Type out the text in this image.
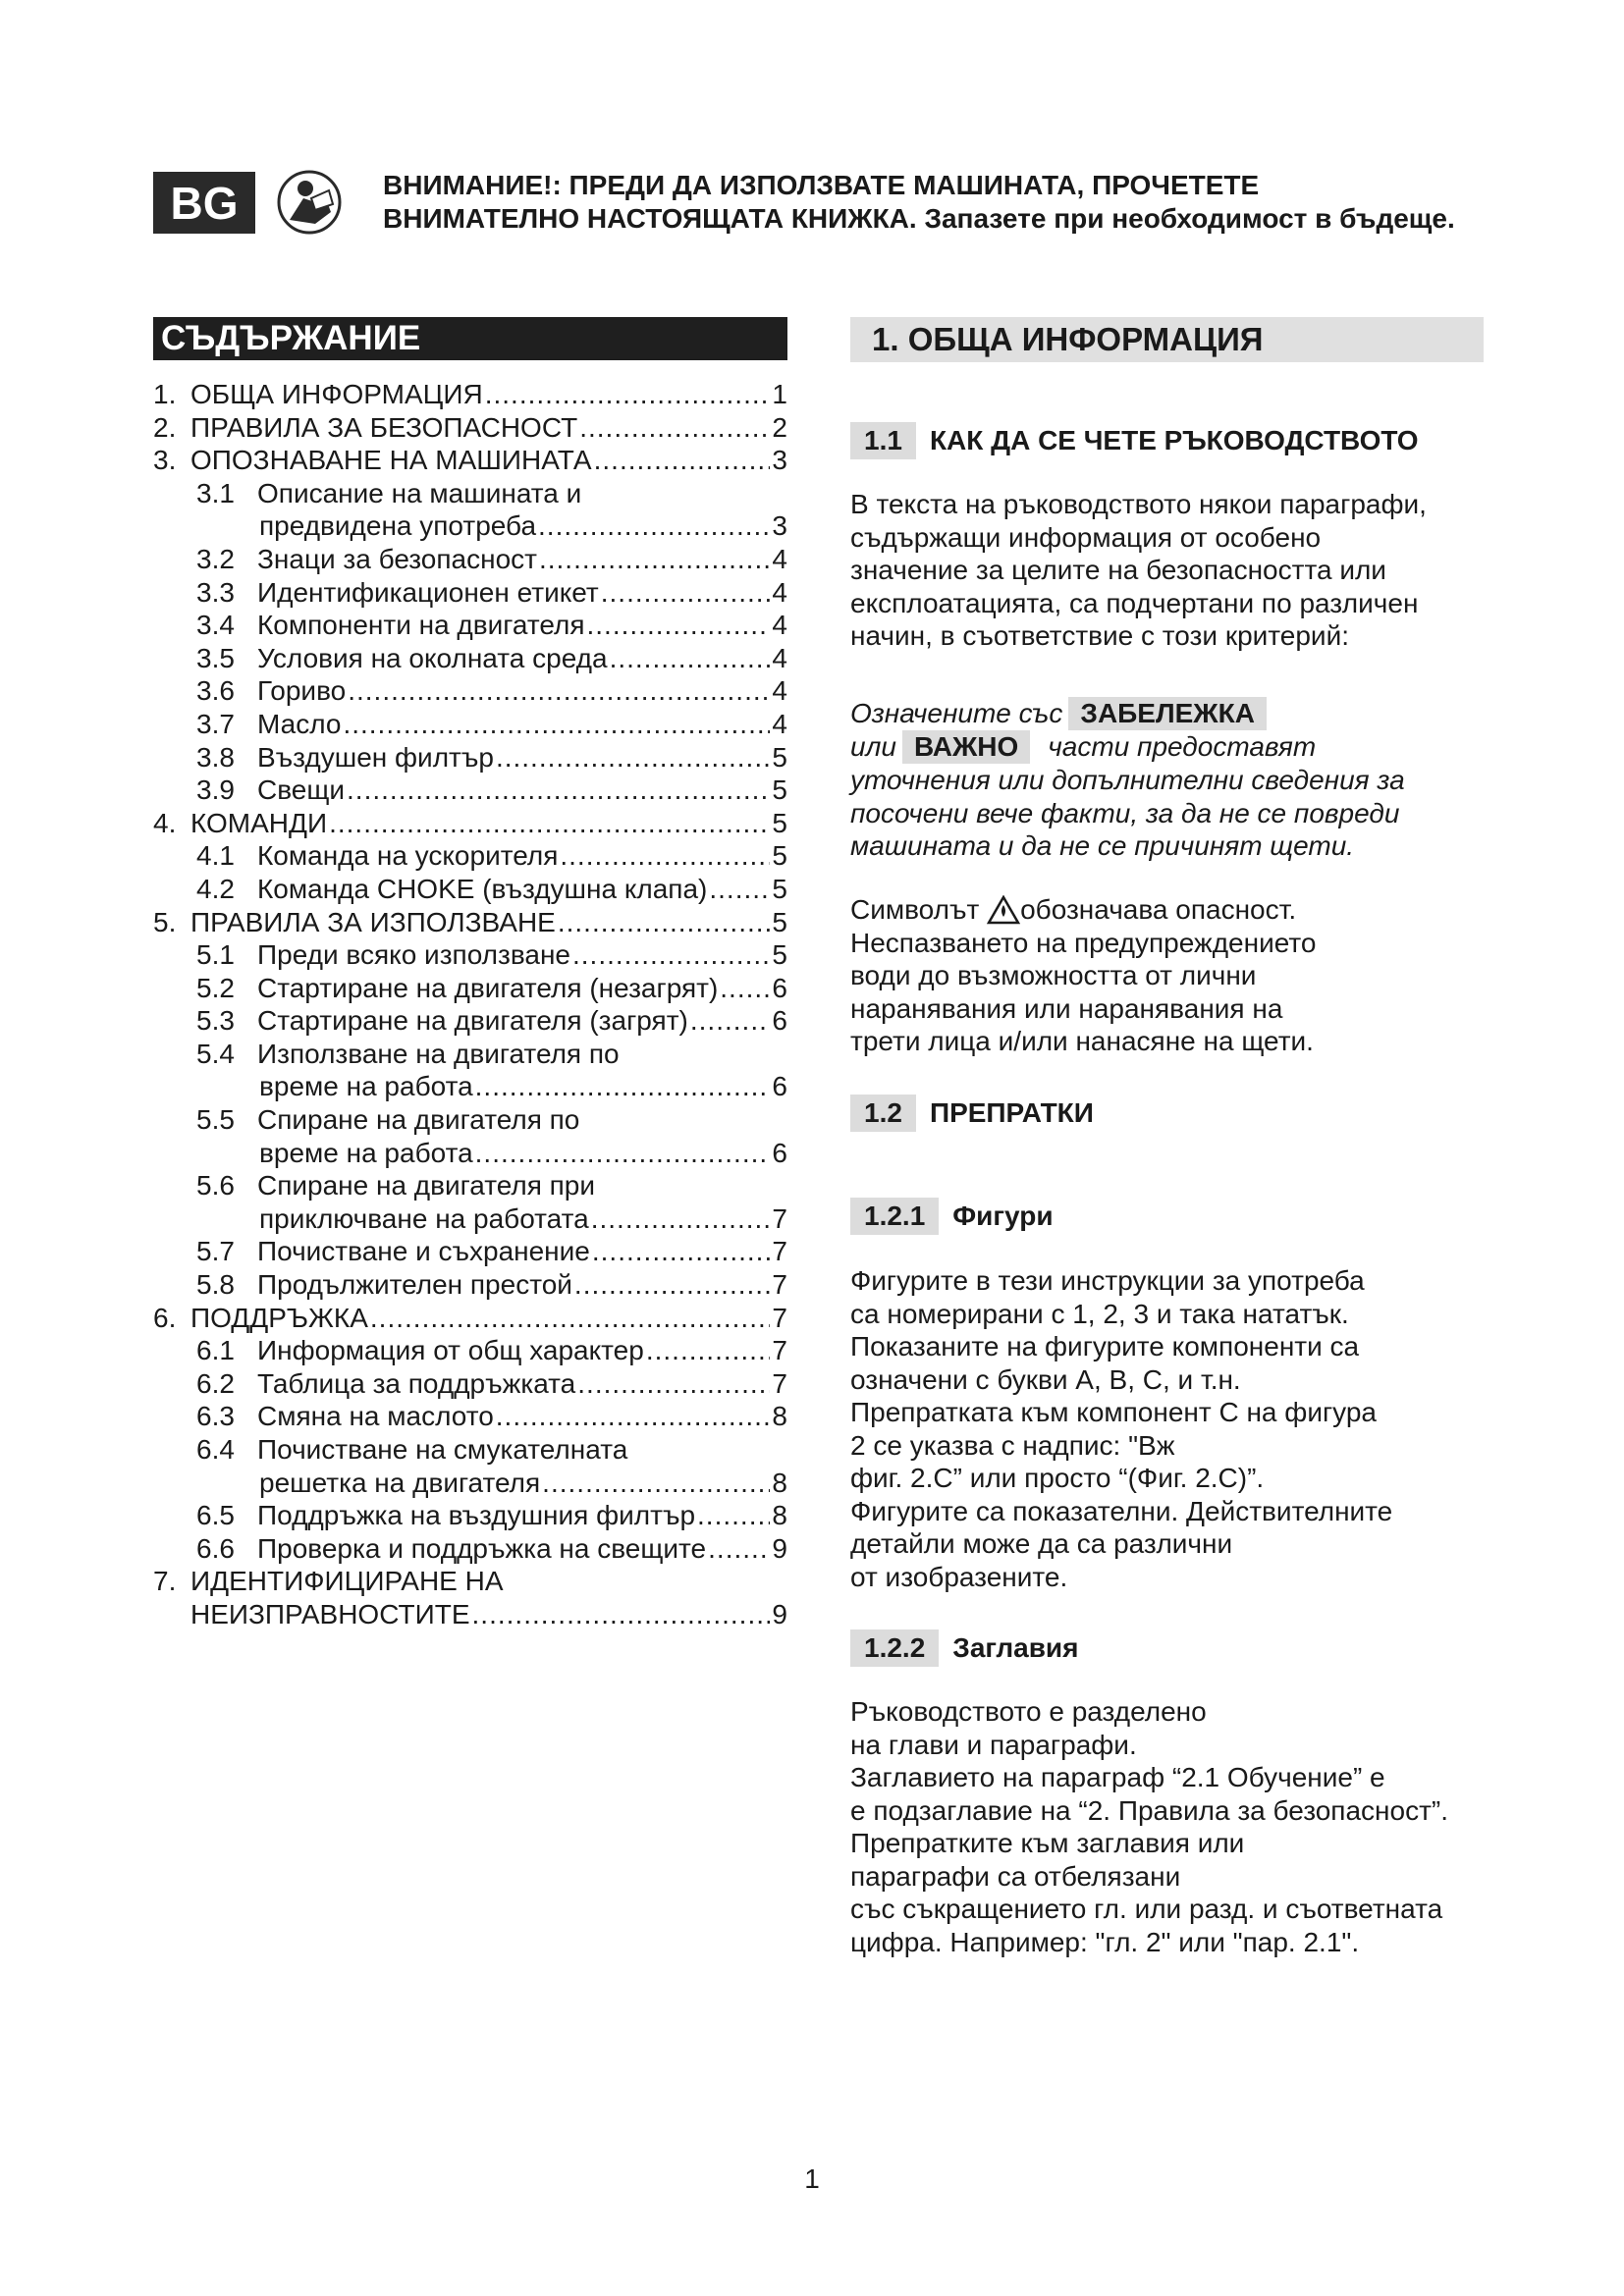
BG	ВНИМАНИЕ!: ПРЕДИ ДА ИЗПОЛЗВАТЕ МАШИНАТА, ПРОЧЕТЕТЕ
ВНИМАТЕЛНО НАСТОЯЩАТА КНИЖКА. Запазете при необходимост в бъдеще.
СЪДЪРЖАНИЕ
1. ОБЩА ИНФОРМАЦИЯ .....	1
2. ПРАВИЛА ЗА БЕЗОПАСНОСТ .....	2
3. ОПОЗНАВАНЕ НА МАШИНАТА .....	3
3.1 Описание на машината и
предвидена употреба .....	3
3.2 Знаци за безопасност .....	4
3.3 Идентификационен етикет .....	4
3.4 Компоненти на двигателя .....	4
3.5 Условия на околната среда .....	4
3.6 Гориво .....	4
3.7 Масло .....	4
3.8 Въздушен филтър .....	5
3.9 Свещи .....	5
4. КОМАНДИ .....	5
4.1 Команда на ускорителя .....	5
4.2 Команда CHOKE (въздушна клапа) ..... 5
5. ПРАВИЛА ЗА ИЗПОЛЗВАНЕ .....	5
5.1 Преди всяко използване .....	5
5.2 Стартиране на двигателя (незагрят) ..... 6
5.3 Стартиране на двигателя (загрят) .....	6
5.4 Използване на двигателя по
време на работа .....	6
5.5 Спиране на двигателя по
време на работа .....	6
5.6 Спиране на двигателя при
приключване на работата .....	7
5.7 Почистване и съхранение .....	7
5.8 Продължителен престой .....	7
6. ПОДДРЪЖКА .....	7
6.1 Информация от общ характер .....	7
6.2 Таблица за поддръжката .....	7
6.3 Смяна на маслото .....	8
6.4 Почистване на смукателната
решетка на двигателя .....	8
6.5 Поддръжка на въздушния филтър .....	8
6.6 Проверка и поддръжка на свещите ..... 9
7. ИДЕНТИФИЦИРАНЕ НА
НЕИЗПРАВНОСТИТЕ .....	9
1. ОБЩА ИНФОРМАЦИЯ
1.1	КАК ДА СЕ ЧЕТЕ РЪКОВОДСТВОТО

В текста на ръководството някои параграфи,

съдържащи информация от особено

значение за целите на безопасността или

експлоатацията, са подчертани по различен

начин, в съответствие с този критерий:

Означените със ЗАБЕЛЕЖКА

или ВАЖНО части предоставят

уточнения или допълнителни сведения за

посочени вече факти, за да не се повреди

машината и да не се причинят щети.

Символът обозначава опасност.

Неспазването на предупреждението

води до възможността от лични

наранявания или наранявания на

трети лица и/или нанасяне на щети.

1.2	ПРЕПРАТКИ
1.2.1	Фигури

Фигурите в тези инструкции за употреба

са номерирани с 1, 2, 3 и така нататък.

Показаните на фигурите компоненти са

означени с букви A, B, C, и т.н.

Препратката към компонент C на фигура

2 се указва с надпис: "Вж

фиг. 2.C” или просто “(Фиг. 2.C)”.

Фигурите са показателни. Действителните

детайли може да са различни

от изобразените.

1.2.2	Заглавия

Ръководството е разделено

на глави и параграфи.

Заглавието на параграф “2.1 Обучение” е

е подзаглавие на “2. Правила за безопасност”.

Препратките към заглавия или

параграфи са отбелязани

със съкращението гл. или разд. и съответната

цифра. Например: "гл. 2" или "пар. 2.1".

1
